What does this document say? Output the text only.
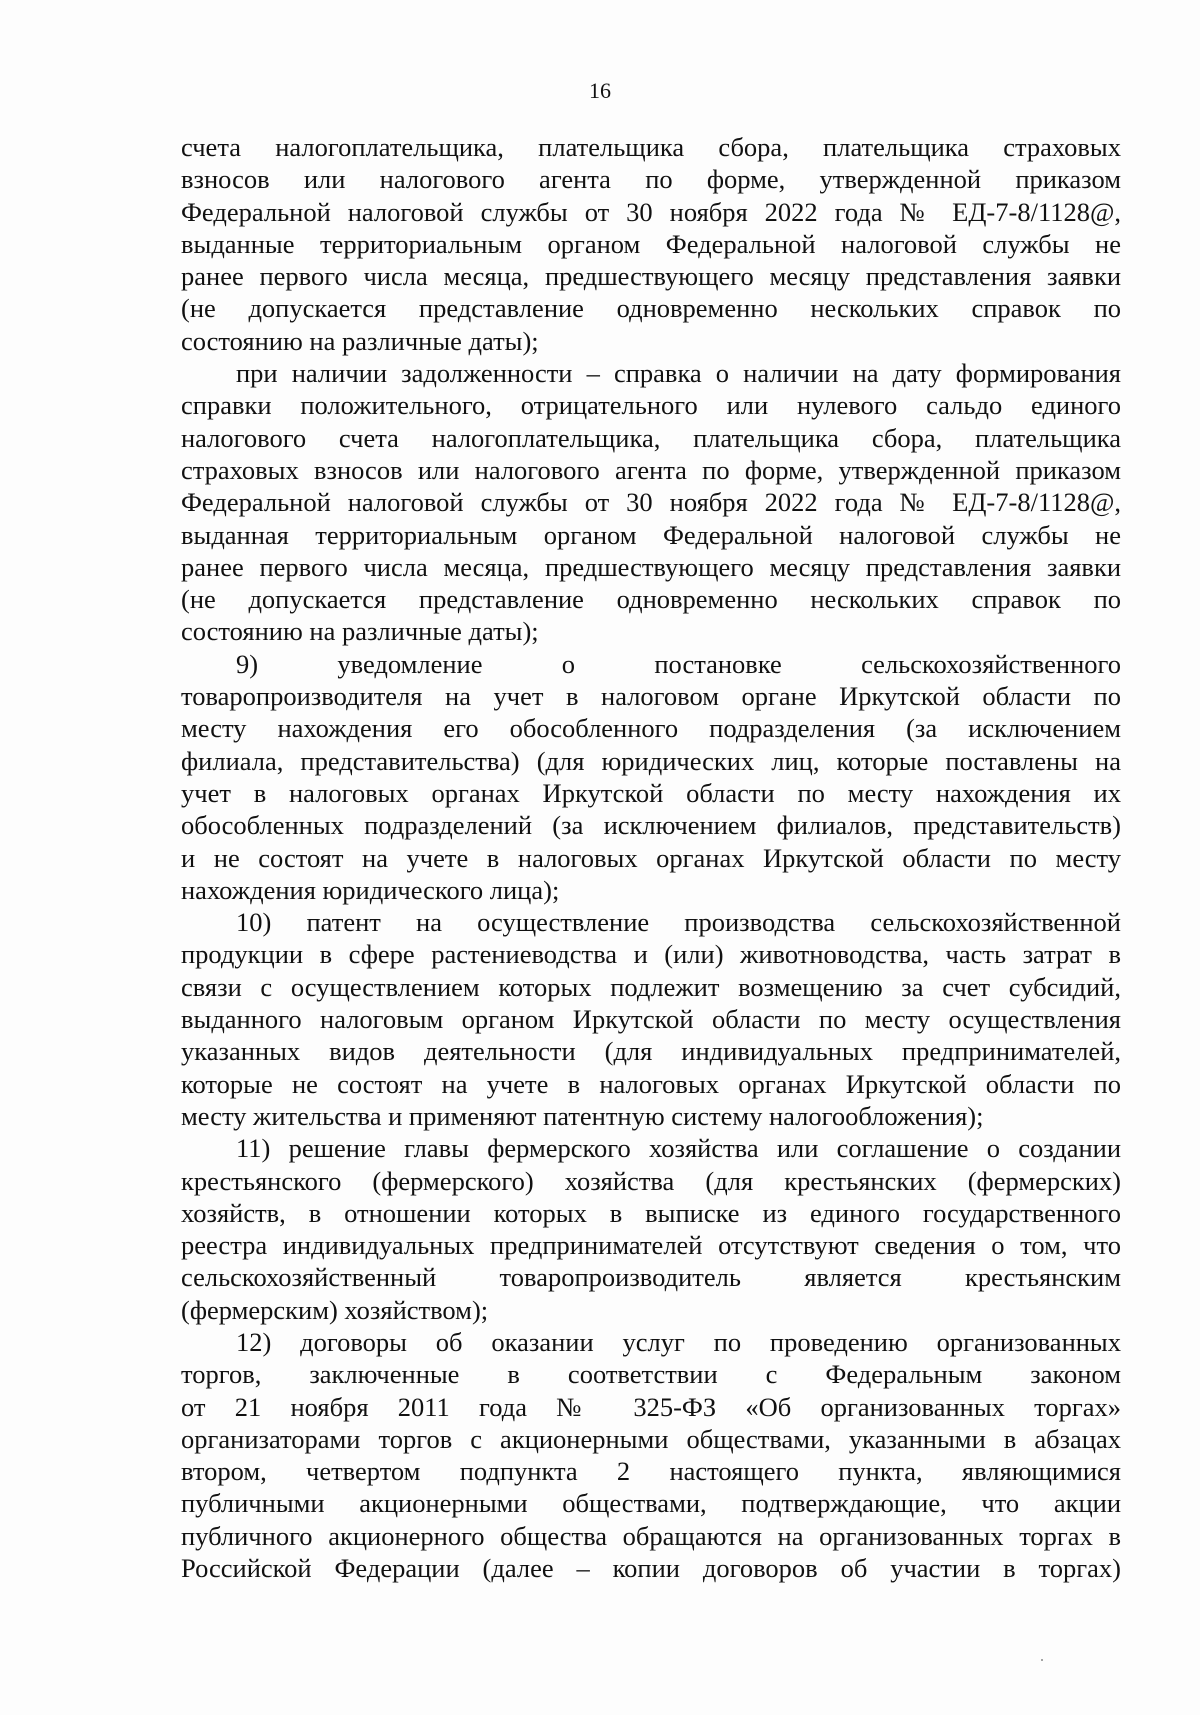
16
счета налогоплательщика, плательщика сбора, плательщика страховых
взносов или налогового агента по форме, утвержденной приказом
Федеральной налоговой службы от 30 ноября 2022 года № ЕД-7-8/1128@,
выданные территориальным органом Федеральной налоговой службы не
ранее первого числа месяца, предшествующего месяцу представления заявки
(не допускается представление одновременно нескольких справок по
состоянию на различные даты);
при наличии задолженности – справка о наличии на дату формирования
справки положительного, отрицательного или нулевого сальдо единого
налогового счета налогоплательщика, плательщика сбора, плательщика
страховых взносов или налогового агента по форме, утвержденной приказом
Федеральной налоговой службы от 30 ноября 2022 года № ЕД-7-8/1128@,
выданная территориальным органом Федеральной налоговой службы не
ранее первого числа месяца, предшествующего месяцу представления заявки
(не допускается представление одновременно нескольких справок по
состоянию на различные даты);
9) уведомление о постановке сельскохозяйственного
товаропроизводителя на учет в налоговом органе Иркутской области по
месту нахождения его обособленного подразделения (за исключением
филиала, представительства) (для юридических лиц, которые поставлены на
учет в налоговых органах Иркутской области по месту нахождения их
обособленных подразделений (за исключением филиалов, представительств)
и не состоят на учете в налоговых органах Иркутской области по месту
нахождения юридического лица);
10) патент на осуществление производства сельскохозяйственной
продукции в сфере растениеводства и (или) животноводства, часть затрат в
связи с осуществлением которых подлежит возмещению за счет субсидий,
выданного налоговым органом Иркутской области по месту осуществления
указанных видов деятельности (для индивидуальных предпринимателей,
которые не состоят на учете в налоговых органах Иркутской области по
месту жительства и применяют патентную систему налогообложения);
11) решение главы фермерского хозяйства или соглашение о создании
крестьянского (фермерского) хозяйства (для крестьянских (фермерских)
хозяйств, в отношении которых в выписке из единого государственного
реестра индивидуальных предпринимателей отсутствуют сведения о том, что
сельскохозяйственный товаропроизводитель является крестьянским
(фермерским) хозяйством);
12) договоры об оказании услуг по проведению организованных
торгов, заключенные в соответствии с Федеральным законом
от 21 ноября 2011 года № 325-ФЗ «Об организованных торгах»
организаторами торгов с акционерными обществами, указанными в абзацах
втором, четвертом подпункта 2 настоящего пункта, являющимися
публичными акционерными обществами, подтверждающие, что акции
публичного акционерного общества обращаются на организованных торгах в
Российской Федерации (далее – копии договоров об участии в торгах)
